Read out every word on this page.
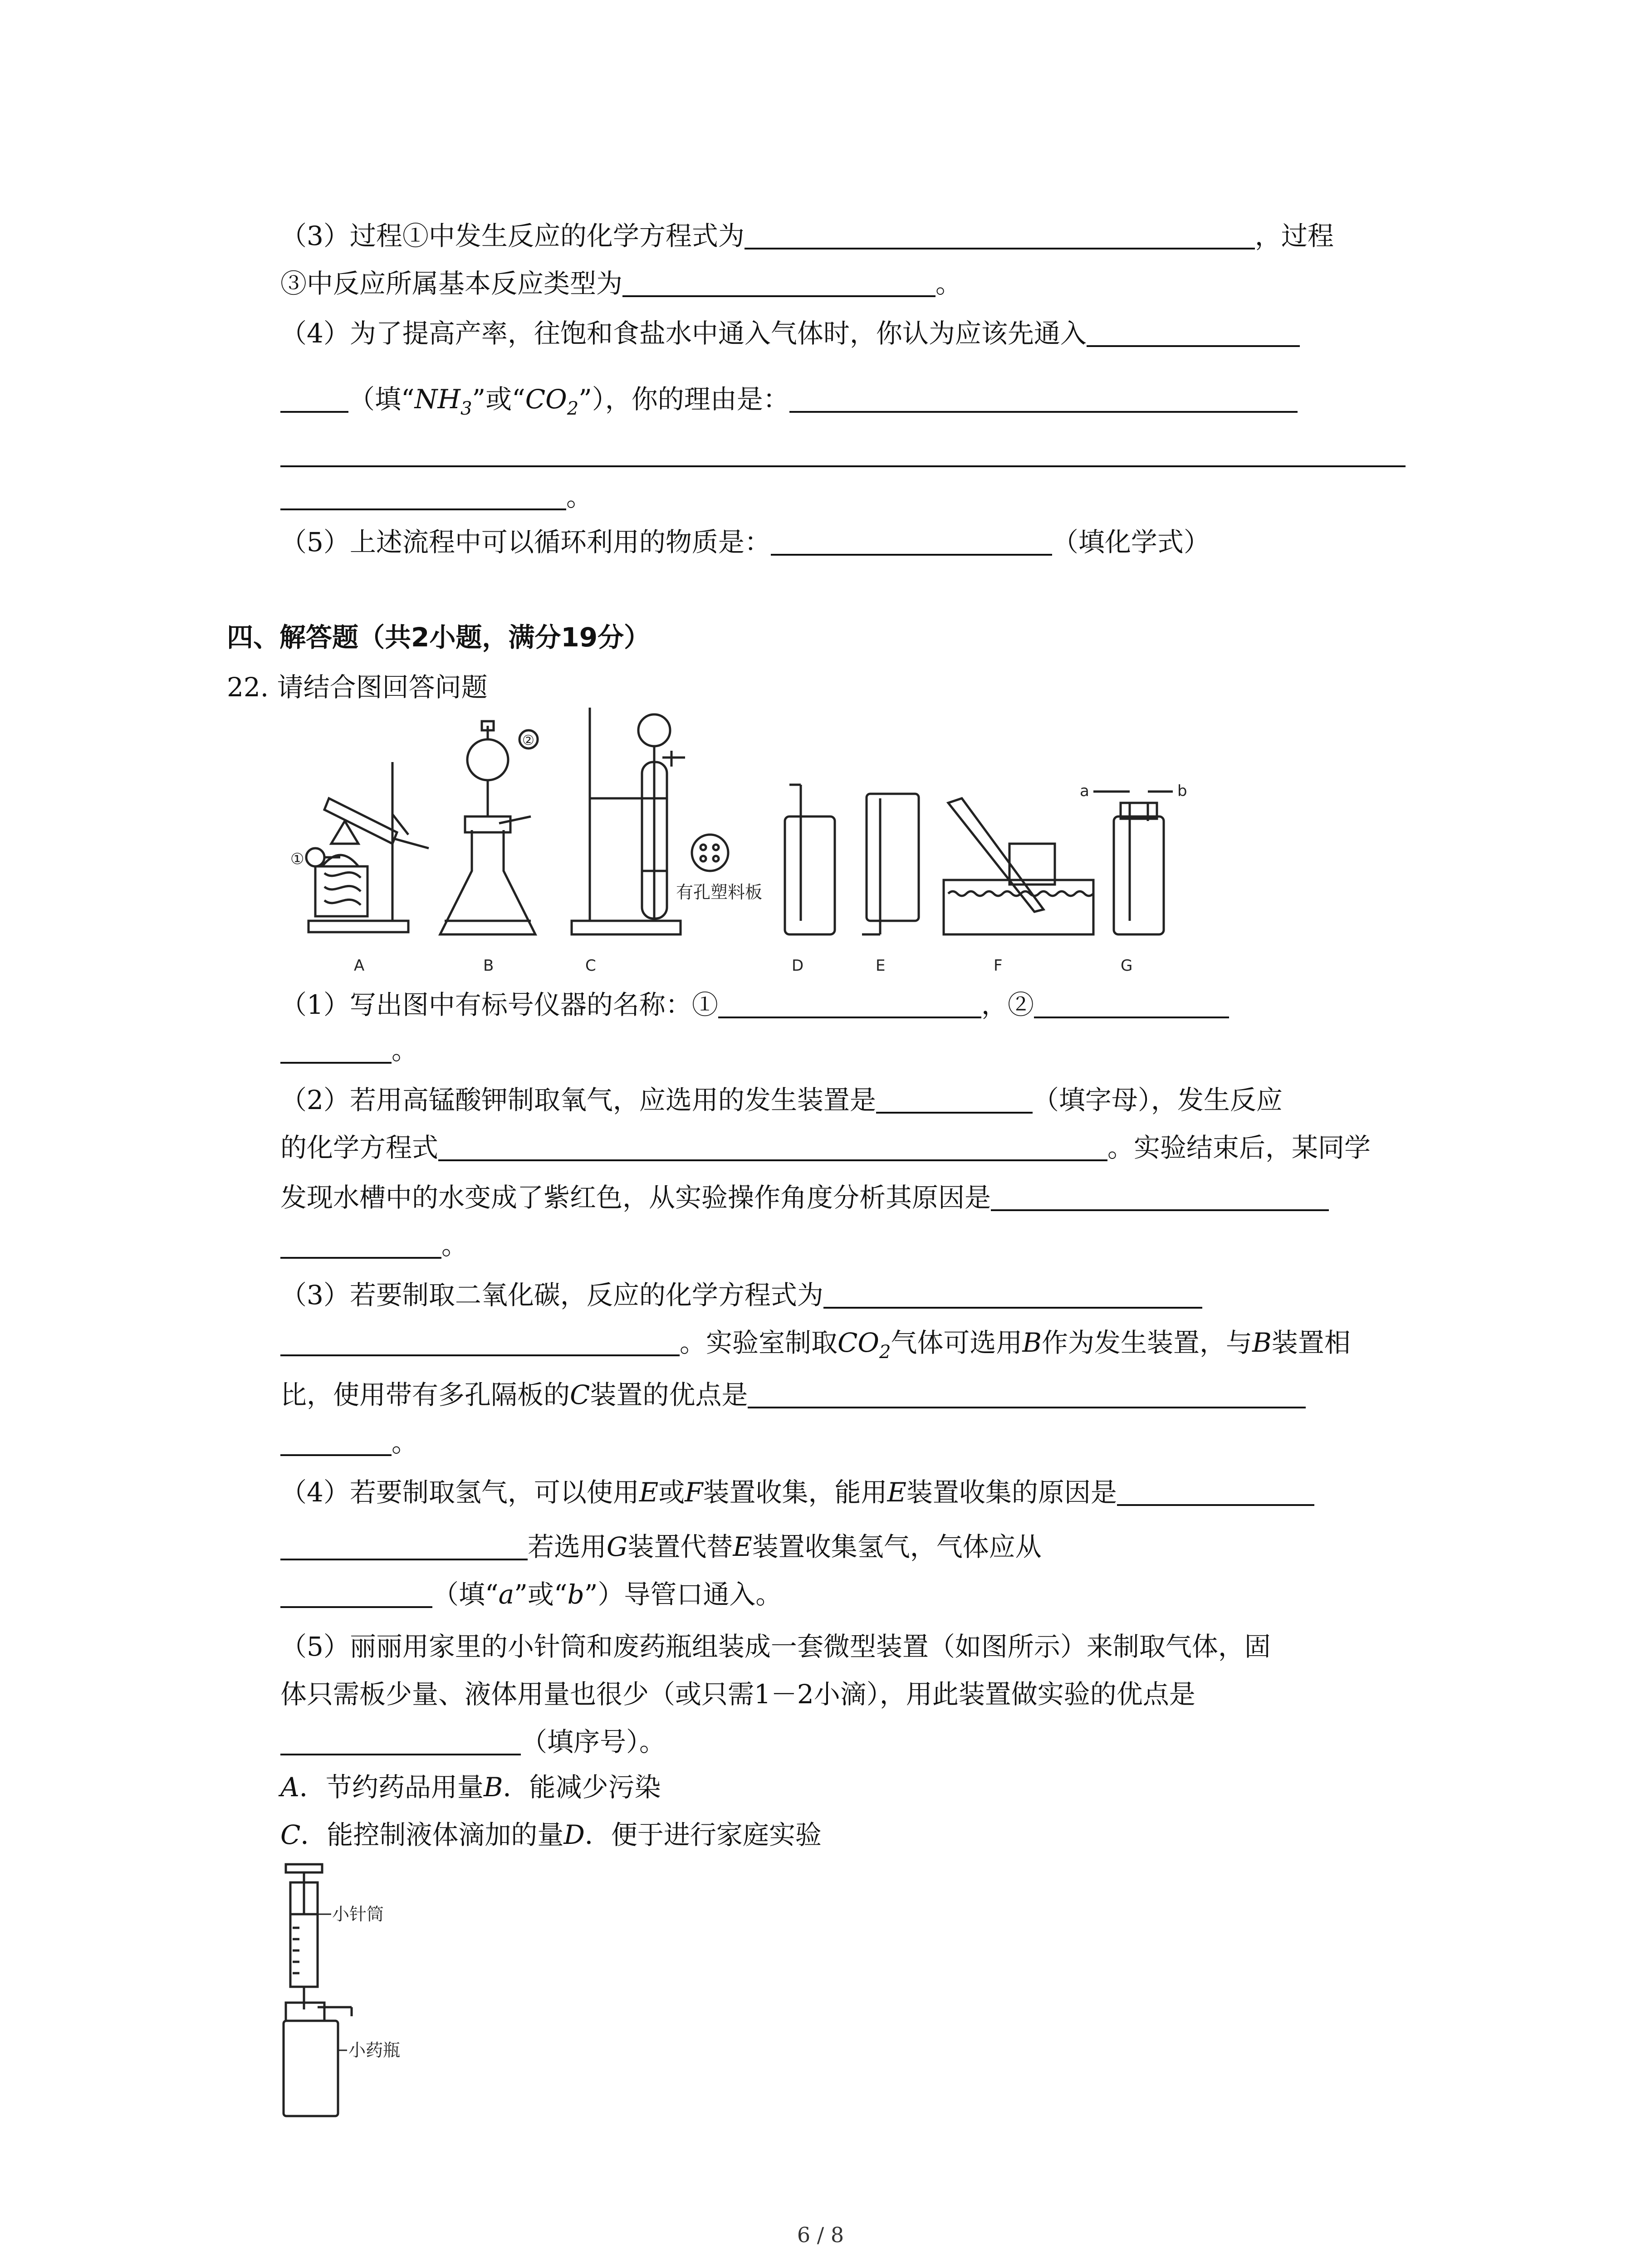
（3）过程①中发生反应的化学方程式为	，过程
③中反应所属基本反应类型为	。
（4）为了提高产率，往饱和食盐水中通入气体时，你认为应该先通入
（填“$NH_3$”或“$CO_2$”），你的理由是：
。
（5）上述流程中可以循环利用的物质是：	（填化学式）
四、解答题（共2小题，满分19分）
22. 请结合图回答问题
①
②
有孔塑料板
a	b
A	B	C	D	E	F	G
（1）写出图中有标号仪器的名称：①	，②
。
（2）若用高锰酸钾制取氧气，应选用的发生装置是	（填字母），发生反应
的化学方程式	。实验结束后，某同学
发现水槽中的水变成了紫红色，从实验操作角度分析其原因是
。
（3）若要制取二氧化碳，反应的化学方程式为
。实验室制取$CO_2$气体可选用B作为发生装置，与B装置相
比，使用带有多孔隔板的C装置的优点是
。
（4）若要制取氢气，可以使用E或F装置收集，能用E装置收集的原因是
若选用G装置代替E装置收集氢气，气体应从
（填“a”或“b”）导管口通入。
（5）丽丽用家里的小针筒和废药瓶组装成一套微型装置（如图所示）来制取气体，固
体只需板少量、液体用量也很少（或只需1－2小滴），用此装置做实验的优点是
（填序号）。
A．节约药品用量B．能减少污染
C．能控制液体滴加的量D．便于进行家庭实验
小针筒
小药瓶
6 / 8
